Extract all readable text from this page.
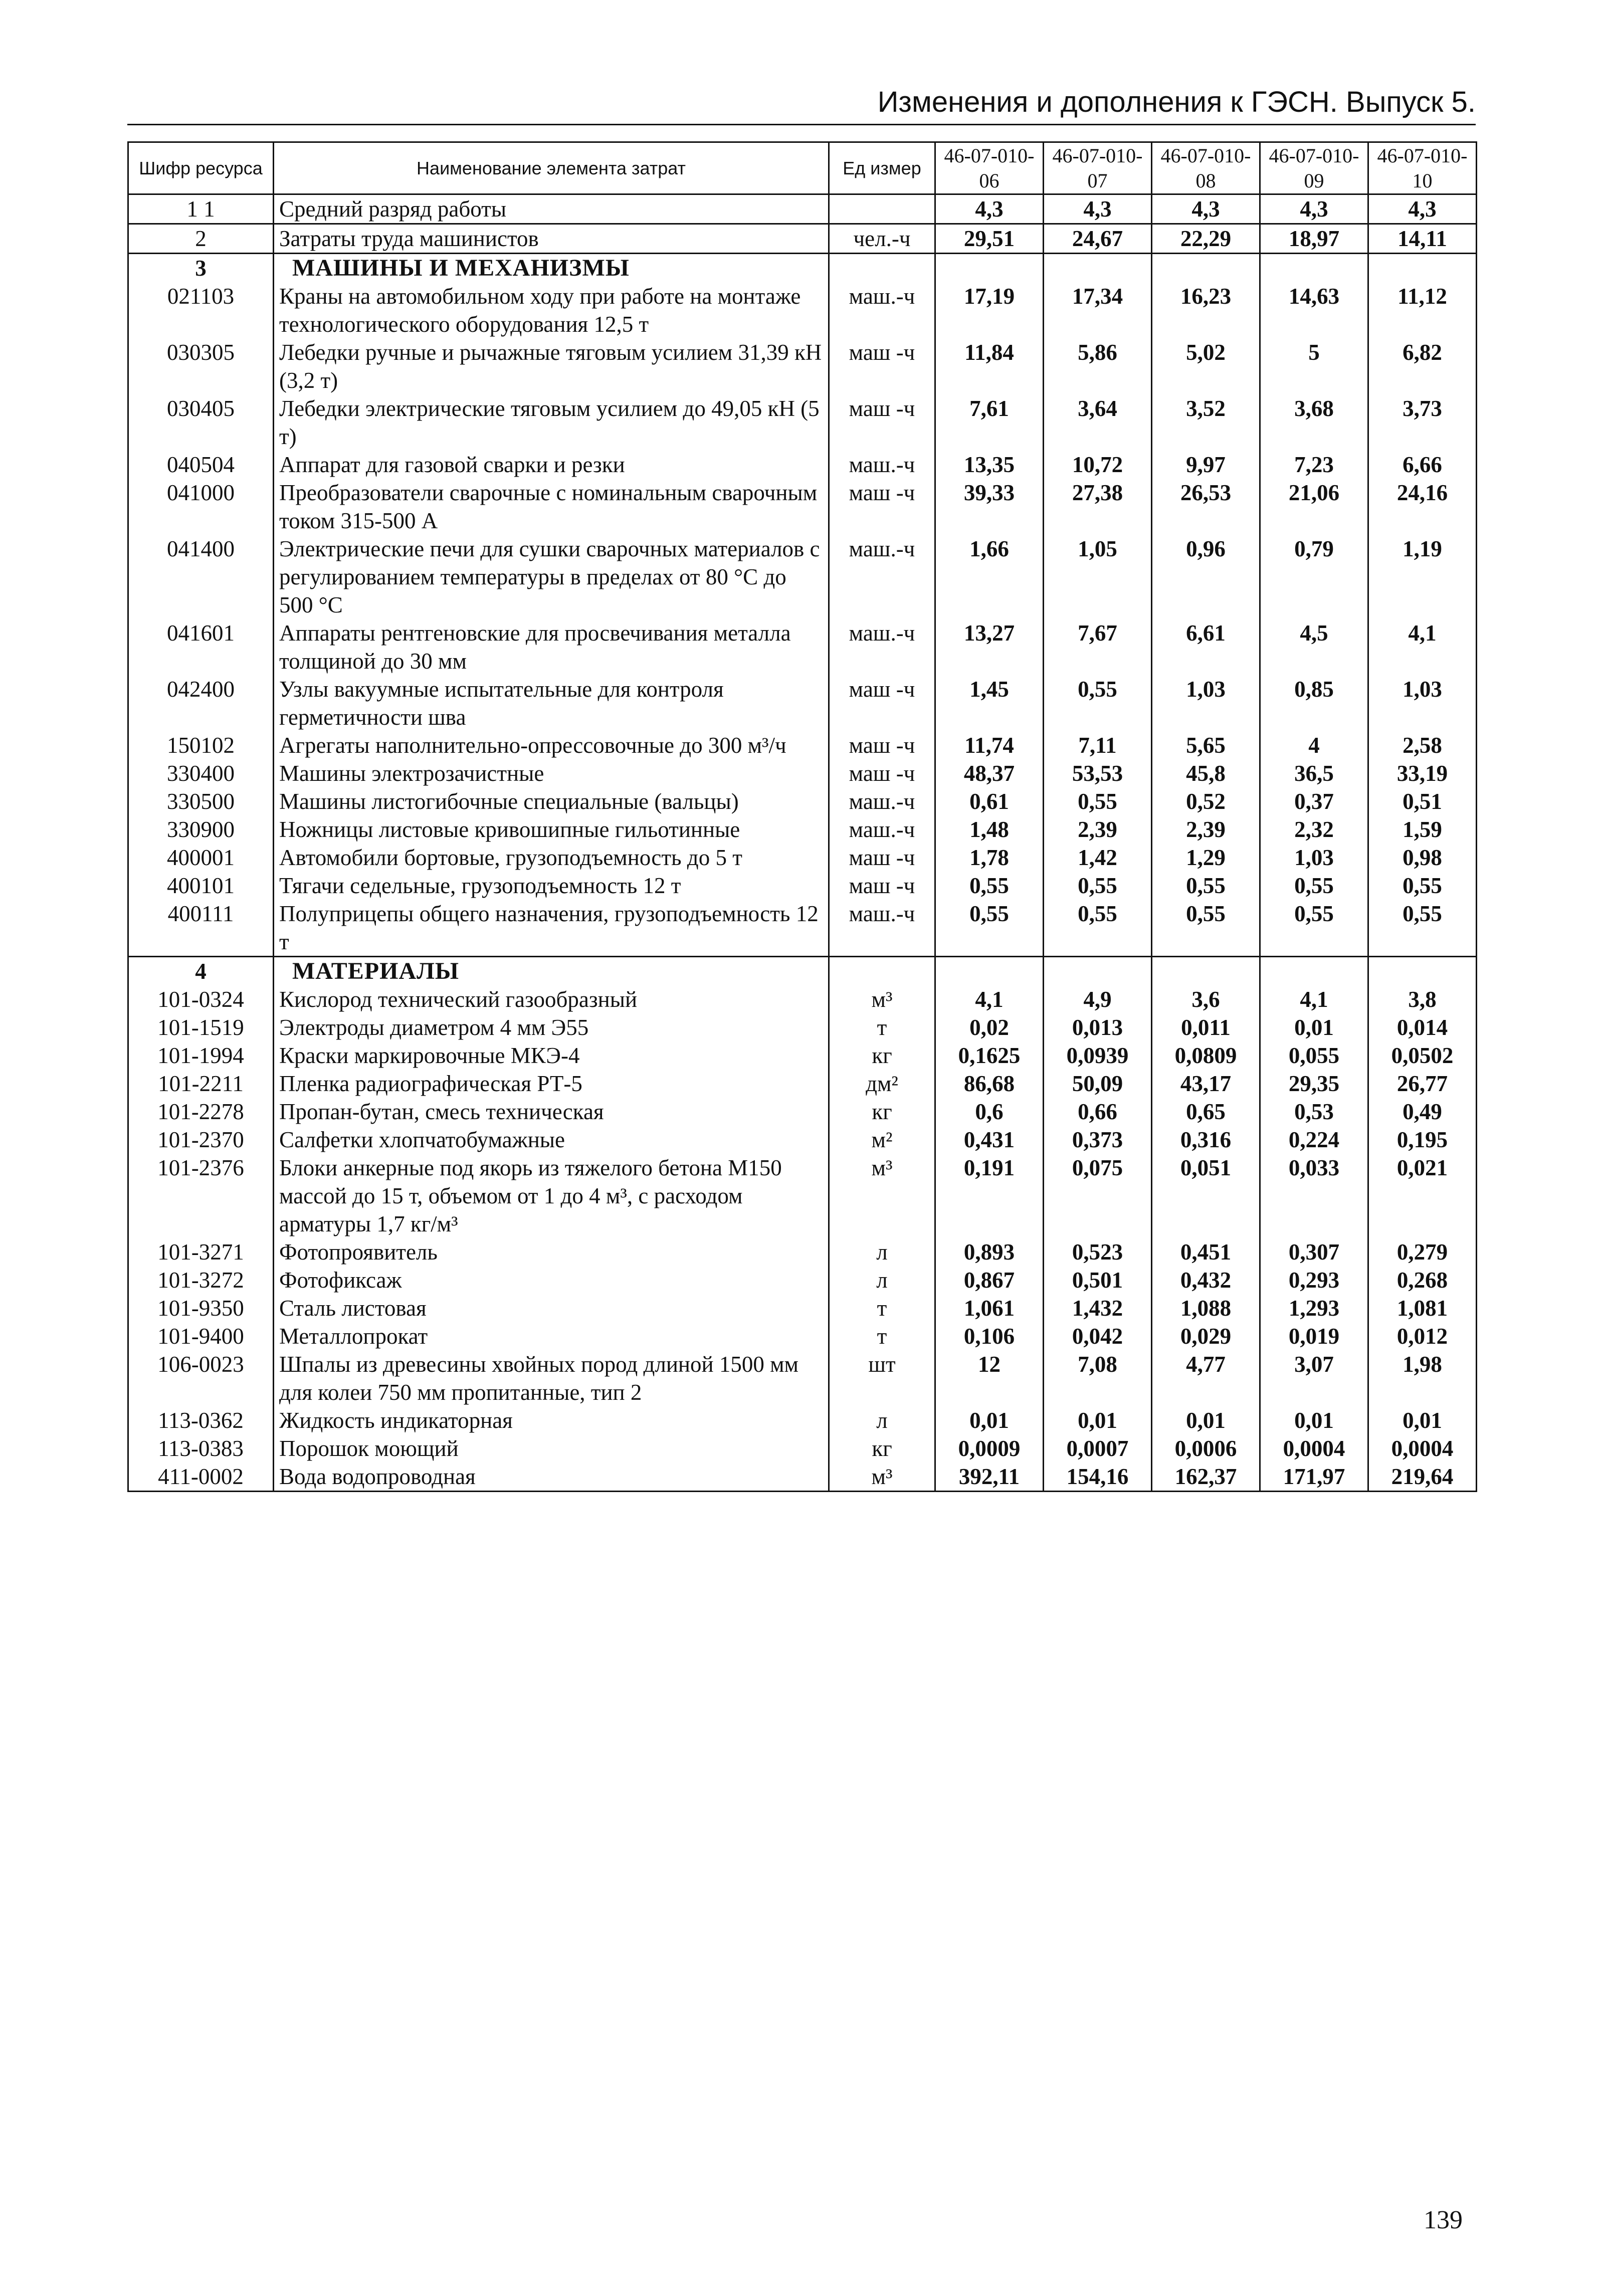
Изменения и дополнения к ГЭСН. Выпуск 5.
Шифр ресурса	Наименование элемента затрат	Ед измер	46-07-010-06	46-07-010-07	46-07-010-08	46-07-010-09	46-07-010-10
1 1	Средний разряд работы		4,3	4,3	4,3	4,3	4,3
2	Затраты труда машинистов	чел.-ч	29,51	24,67	22,29	18,97	14,11
3	МАШИНЫ И МЕХАНИЗМЫ						
021103	Краны на автомобильном ходу при работе на монтаже технологического оборудования 12,5 т	маш.-ч	17,19	17,34	16,23	14,63	11,12
030305	Лебедки ручные и рычажные тяговым усилием 31,39 кН (3,2 т)	маш -ч	11,84	5,86	5,02	5	6,82
030405	Лебедки электрические тяговым усилием до 49,05 кН (5 т)	маш -ч	7,61	3,64	3,52	3,68	3,73
040504	Аппарат для газовой сварки и резки	маш.-ч	13,35	10,72	9,97	7,23	6,66
041000	Преобразователи сварочные с номинальным сварочным током 315-500 А	маш -ч	39,33	27,38	26,53	21,06	24,16
041400	Электрические печи для сушки сварочных материалов с регулированием температуры в пределах от 80 °С до 500 °С	маш.-ч	1,66	1,05	0,96	0,79	1,19
041601	Аппараты рентгеновские для просвечивания металла толщиной до 30 мм	маш.-ч	13,27	7,67	6,61	4,5	4,1
042400	Узлы вакуумные испытательные для контроля герметичности шва	маш -ч	1,45	0,55	1,03	0,85	1,03
150102	Агрегаты наполнительно-опрессовочные до 300 м³/ч	маш -ч	11,74	7,11	5,65	4	2,58
330400	Машины электрозачистные	маш -ч	48,37	53,53	45,8	36,5	33,19
330500	Машины листогибочные специальные (вальцы)	маш.-ч	0,61	0,55	0,52	0,37	0,51
330900	Ножницы листовые кривошипные гильотинные	маш.-ч	1,48	2,39	2,39	2,32	1,59
400001	Автомобили бортовые, грузоподъемность до 5 т	маш -ч	1,78	1,42	1,29	1,03	0,98
400101	Тягачи седельные, грузоподъемность 12 т	маш -ч	0,55	0,55	0,55	0,55	0,55
400111	Полуприцепы общего назначения, грузоподъемность 12 т	маш.-ч	0,55	0,55	0,55	0,55	0,55
4	МАТЕРИАЛЫ						
101-0324	Кислород технический газообразный	м³	4,1	4,9	3,6	4,1	3,8
101-1519	Электроды диаметром 4 мм Э55	т	0,02	0,013	0,011	0,01	0,014
101-1994	Краски маркировочные МКЭ-4	кг	0,1625	0,0939	0,0809	0,055	0,0502
101-2211	Пленка радиографическая РТ-5	дм²	86,68	50,09	43,17	29,35	26,77
101-2278	Пропан-бутан, смесь техническая	кг	0,6	0,66	0,65	0,53	0,49
101-2370	Салфетки хлопчатобумажные	м²	0,431	0,373	0,316	0,224	0,195
101-2376	Блоки анкерные под якорь из тяжелого бетона М150 массой до 15 т, объемом от 1 до 4 м³, с расходом арматуры 1,7 кг/м³	м³	0,191	0,075	0,051	0,033	0,021
101-3271	Фотопроявитель	л	0,893	0,523	0,451	0,307	0,279
101-3272	Фотофиксаж	л	0,867	0,501	0,432	0,293	0,268
101-9350	Сталь листовая	т	1,061	1,432	1,088	1,293	1,081
101-9400	Металлопрокат	т	0,106	0,042	0,029	0,019	0,012
106-0023	Шпалы из древесины хвойных пород длиной 1500 мм для колеи 750 мм пропитанные, тип 2	шт	12	7,08	4,77	3,07	1,98
113-0362	Жидкость индикаторная	л	0,01	0,01	0,01	0,01	0,01
113-0383	Порошок моющий	кг	0,0009	0,0007	0,0006	0,0004	0,0004
411-0002	Вода водопроводная	м³	392,11	154,16	162,37	171,97	219,64
139
